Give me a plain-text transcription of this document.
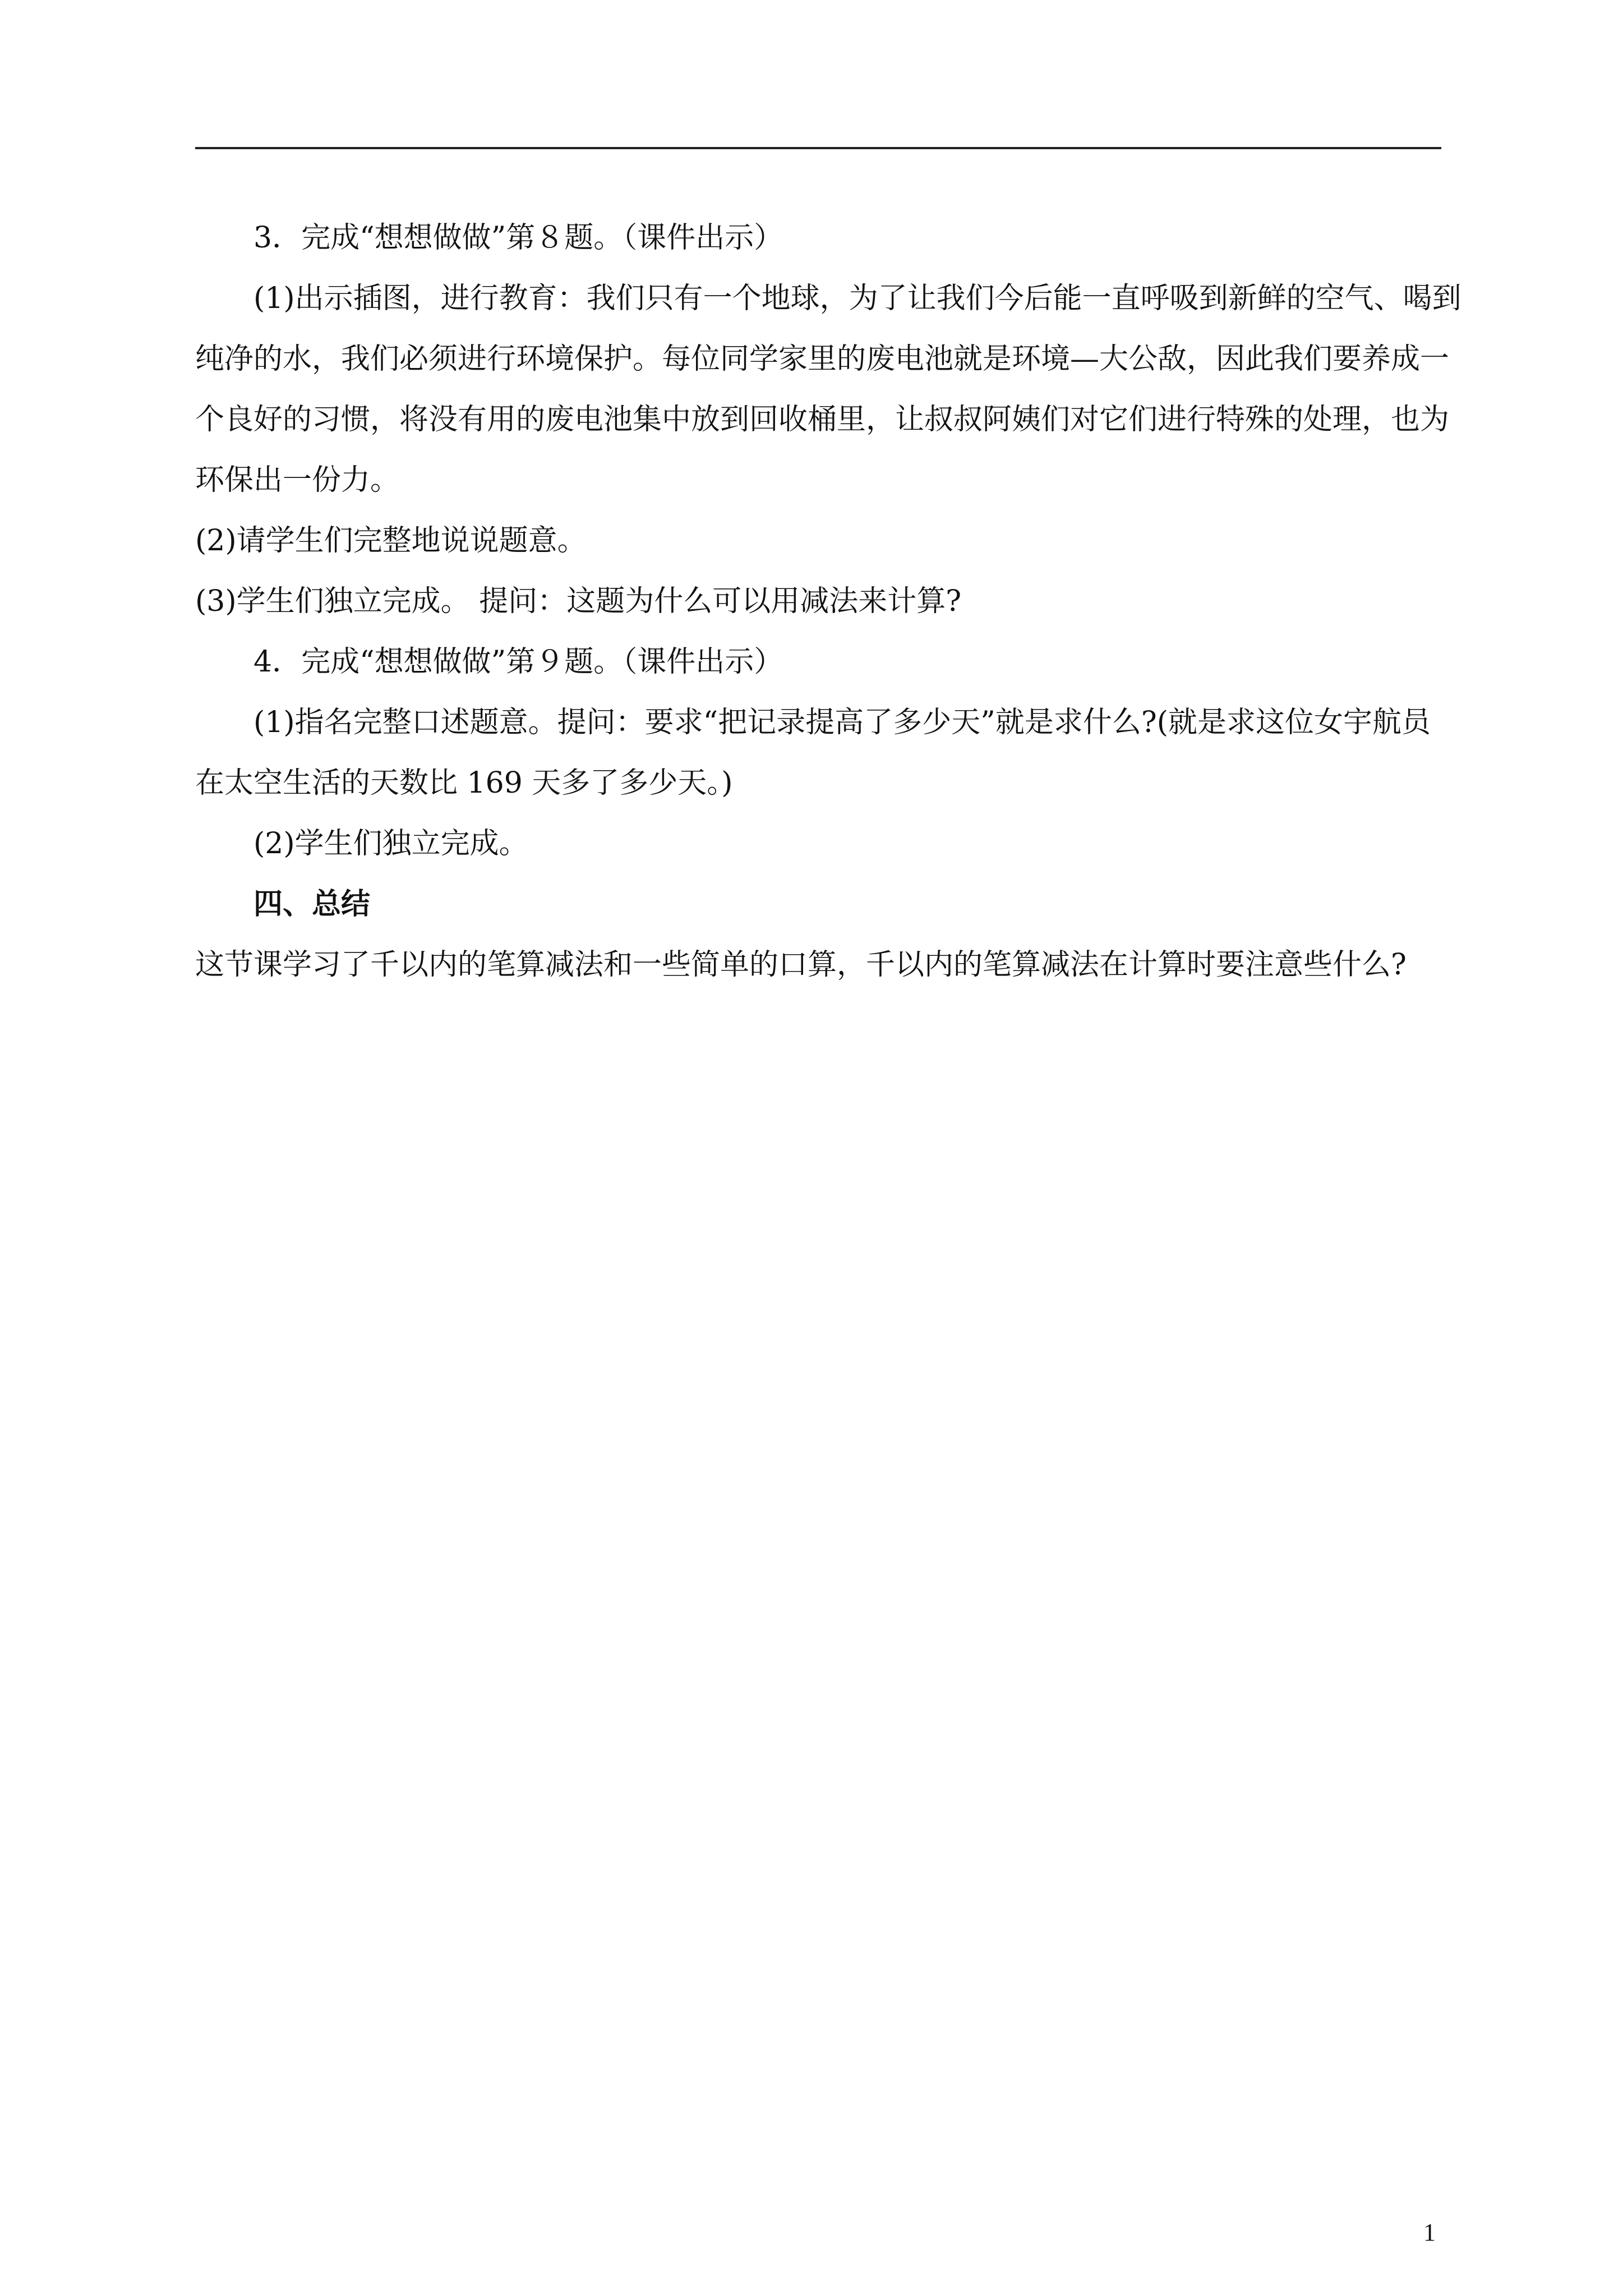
3．完成“想想做做”第８题。（课件出示）

(1)出示插图，进行教育：我们只有一个地球，为了让我们今后能一直呼吸到新鲜的空气、喝到
纯净的水，我们必须进行环境保护。每位同学家里的废电池就是环境—大公敌，因此我们要养成一
个良好的习惯，将没有用的废电池集中放到回收桶里，让叔叔阿姨们对它们进行特殊的处理，也为
环保出一份力。

(2)请学生们完整地说说题意。

(3)学生们独立完成。 提问：这题为什么可以用减法来计算?

4．完成“想想做做”第９题。（课件出示）

(1)指名完整口述题意。提问：要求“把记录提高了多少天”就是求什么?(就是求这位女宇航员
在太空生活的天数比 169 天多了多少天。)

(2)学生们独立完成。

四、总结

这节课学习了千以内的笔算减法和一些简单的口算，千以内的笔算减法在计算时要注意些什么?

1
